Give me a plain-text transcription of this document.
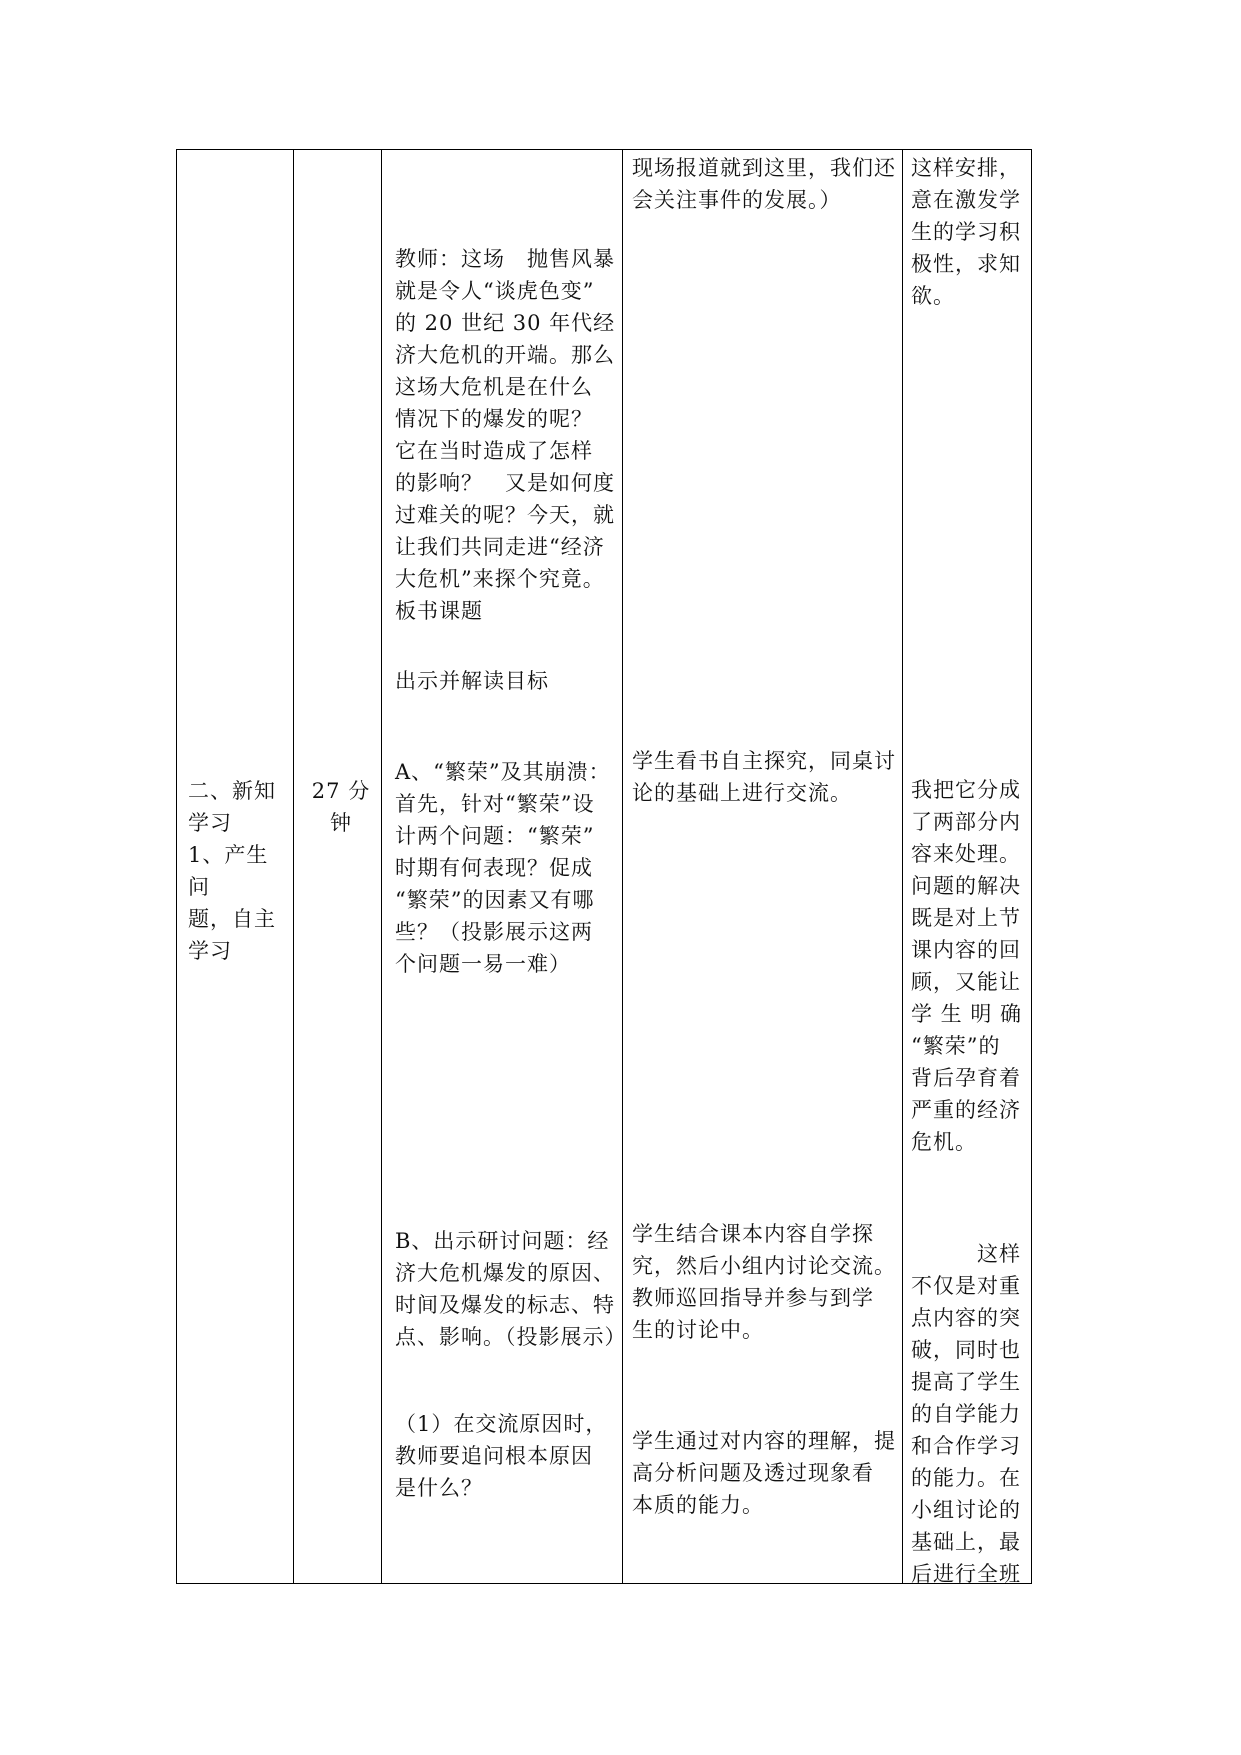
二、新知
学习
1、产生问
题，自主
学习
27 分
钟
教师：这场　抛售风暴
就是令人“谈虎色变”
的 20 世纪 30 年代经
济大危机的开端。那么
这场大危机是在什么
情况下的爆发的呢？
它在当时造成了怎样
的影响？　又是如何度
过难关的呢？今天，就
让我们共同走进“经济
大危机”来探个究竟。
板书课题
出示并解读目标
A、“繁荣”及其崩溃：
首先，针对“繁荣”设
计两个问题：“繁荣”
时期有何表现？促成
“繁荣”的因素又有哪
些？（投影展示这两
个问题一易一难）
B、出示研讨问题：经
济大危机爆发的原因、
时间及爆发的标志、特
点、影响。（投影展示）
（1）在交流原因时，
教师要追问根本原因
是什么？
现场报道就到这里，我们还
会关注事件的发展。）
学生看书自主探究，同桌讨
论的基础上进行交流。
学生结合课本内容自学探
究，然后小组内讨论交流。
教师巡回指导并参与到学
生的讨论中。
学生通过对内容的理解，提
高分析问题及透过现象看
本质的能力。
这样安排，
意在激发学
生的学习积
极性，求知
欲。
我把它分成
了两部分内
容来处理。
问题的解决
既是对上节
课内容的回
顾，又能让
学 生 明 确
“繁荣”的
背后孕育着
严重的经济
危机。
　　　这样
不仅是对重
点内容的突
破，同时也
提高了学生
的自学能力
和合作学习
的能力。在
小组讨论的
基础上，最
后进行全班
